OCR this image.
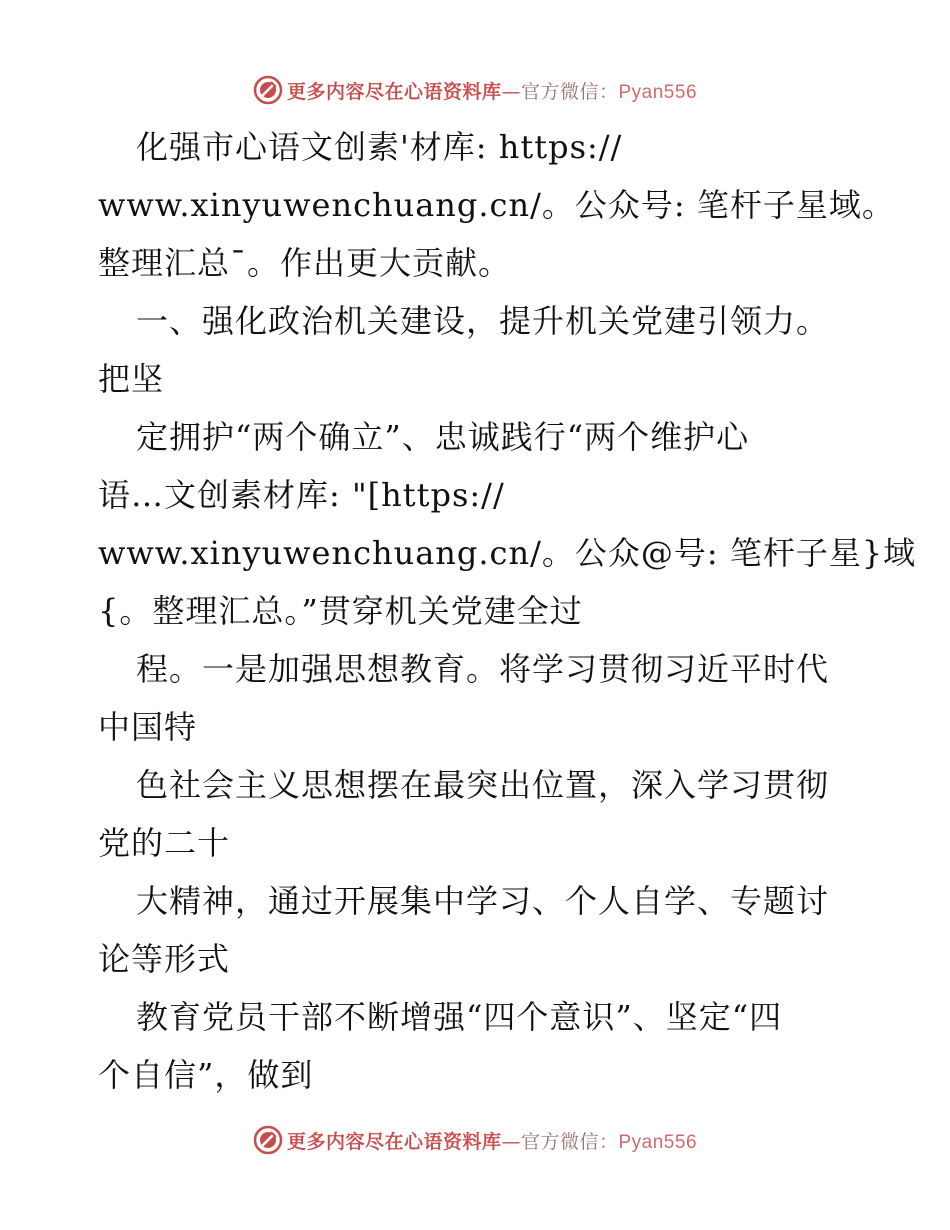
更多内容尽在心语资料库—官方微信：Pyan556
化强市心语文创素'材库: https://
www.xinyuwenchuang.cn/。公众号: 笔杆子星域。
整理汇总¯。作出更大贡献。
一、强化政治机关建设，提升机关党建引领力。
把坚
定拥护“两个确立”、忠诚践行“两个维护心
语…文创素材库: "[https://
www.xinyuwenchuang.cn/。公众@号: 笔杆子星}域
{。整理汇总。”贯穿机关党建全过
程。一是加强思想教育。将学习贯彻习近平时代
中国特
色社会主义思想摆在最突出位置，深入学习贯彻
党的二十
大精神，通过开展集中学习、个人自学、专题讨
论等形式
教育党员干部不断增强“四个意识”、坚定“四
个自信”，做到
更多内容尽在心语资料库—官方微信：Pyan556
